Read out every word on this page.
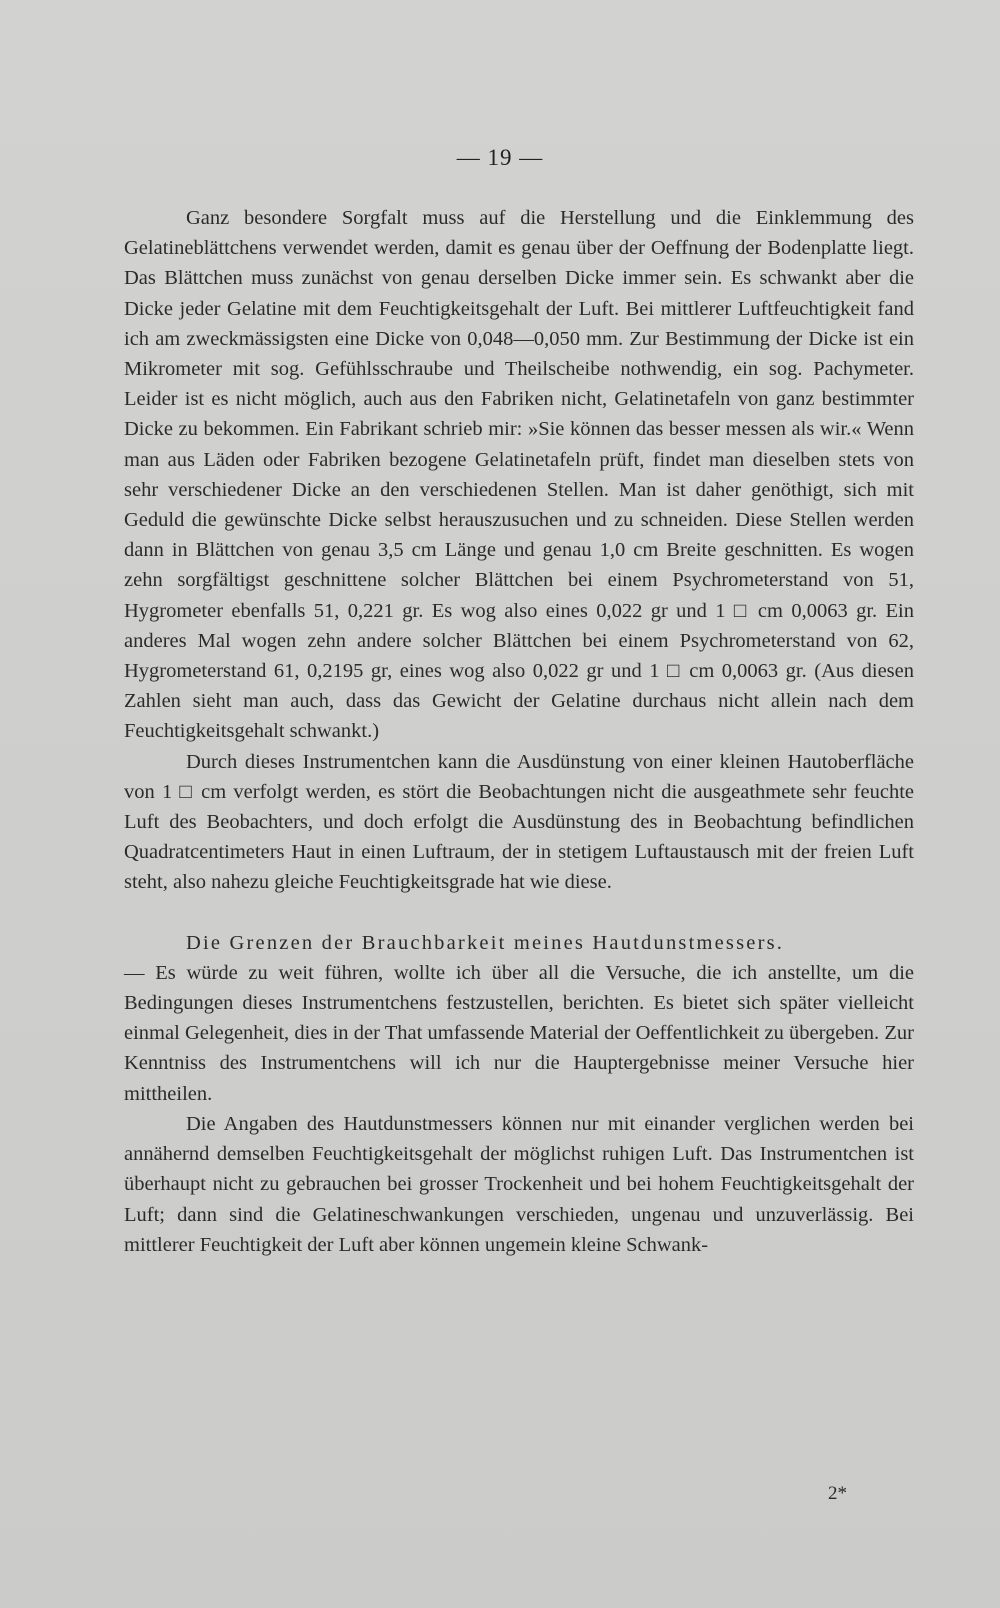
— 19 —

Ganz besondere Sorgfalt muss auf die Herstellung und die Einklemmung des Gelatineblättchens verwendet werden, damit es genau über der Oeffnung der Bodenplatte liegt. Das Blättchen muss zunächst von genau derselben Dicke immer sein. Es schwankt aber die Dicke jeder Gelatine mit dem Feuchtigkeitsgehalt der Luft. Bei mittlerer Luftfeuchtigkeit fand ich am zweckmässigsten eine Dicke von 0,048—0,050 mm. Zur Bestimmung der Dicke ist ein Mikrometer mit sog. Gefühlsschraube und Theilscheibe nothwendig, ein sog. Pachymeter. Leider ist es nicht möglich, auch aus den Fabriken nicht, Gelatinetafeln von ganz bestimmter Dicke zu bekommen. Ein Fabrikant schrieb mir: »Sie können das besser messen als wir.« Wenn man aus Läden oder Fabriken bezogene Gelatinetafeln prüft, findet man dieselben stets von sehr verschiedener Dicke an den verschiedenen Stellen. Man ist daher genöthigt, sich mit Geduld die gewünschte Dicke selbst herauszusuchen und zu schneiden. Diese Stellen werden dann in Blättchen von genau 3,5 cm Länge und genau 1,0 cm Breite geschnitten. Es wogen zehn sorgfältigst geschnittene solcher Blättchen bei einem Psychrometerstand von 51, Hygrometer ebenfalls 51, 0,221 gr. Es wog also eines 0,022 gr und 1 □ cm 0,0063 gr. Ein anderes Mal wogen zehn andere solcher Blättchen bei einem Psychrometerstand von 62, Hygrometerstand 61, 0,2195 gr, eines wog also 0,022 gr und 1 □ cm 0,0063 gr. (Aus diesen Zahlen sieht man auch, dass das Gewicht der Gelatine durchaus nicht allein nach dem Feuchtigkeitsgehalt schwankt.)

Durch dieses Instrumentchen kann die Ausdünstung von einer kleinen Hautoberfläche von 1 □ cm verfolgt werden, es stört die Beobachtungen nicht die ausgeathmete sehr feuchte Luft des Beobachters, und doch erfolgt die Ausdünstung des in Beobachtung befindlichen Quadratcentimeters Haut in einen Luftraum, der in stetigem Luftaustausch mit der freien Luft steht, also nahezu gleiche Feuchtigkeitsgrade hat wie diese.

Die Grenzen der Brauchbarkeit meines Hautdunstmessers. — Es würde zu weit führen, wollte ich über all die Versuche, die ich anstellte, um die Bedingungen dieses Instrumentchens festzustellen, berichten. Es bietet sich später vielleicht einmal Gelegenheit, dies in der That umfassende Material der Oeffentlichkeit zu übergeben. Zur Kenntniss des Instrumentchens will ich nur die Hauptergebnisse meiner Versuche hier mittheilen.

Die Angaben des Hautdunstmessers können nur mit einander verglichen werden bei annähernd demselben Feuchtigkeitsgehalt der möglichst ruhigen Luft. Das Instrumentchen ist überhaupt nicht zu gebrauchen bei grosser Trockenheit und bei hohem Feuchtigkeitsgehalt der Luft; dann sind die Gelatineschwankungen verschieden, ungenau und unzuverlässig. Bei mittlerer Feuchtigkeit der Luft aber können ungemein kleine Schwank-

2*
